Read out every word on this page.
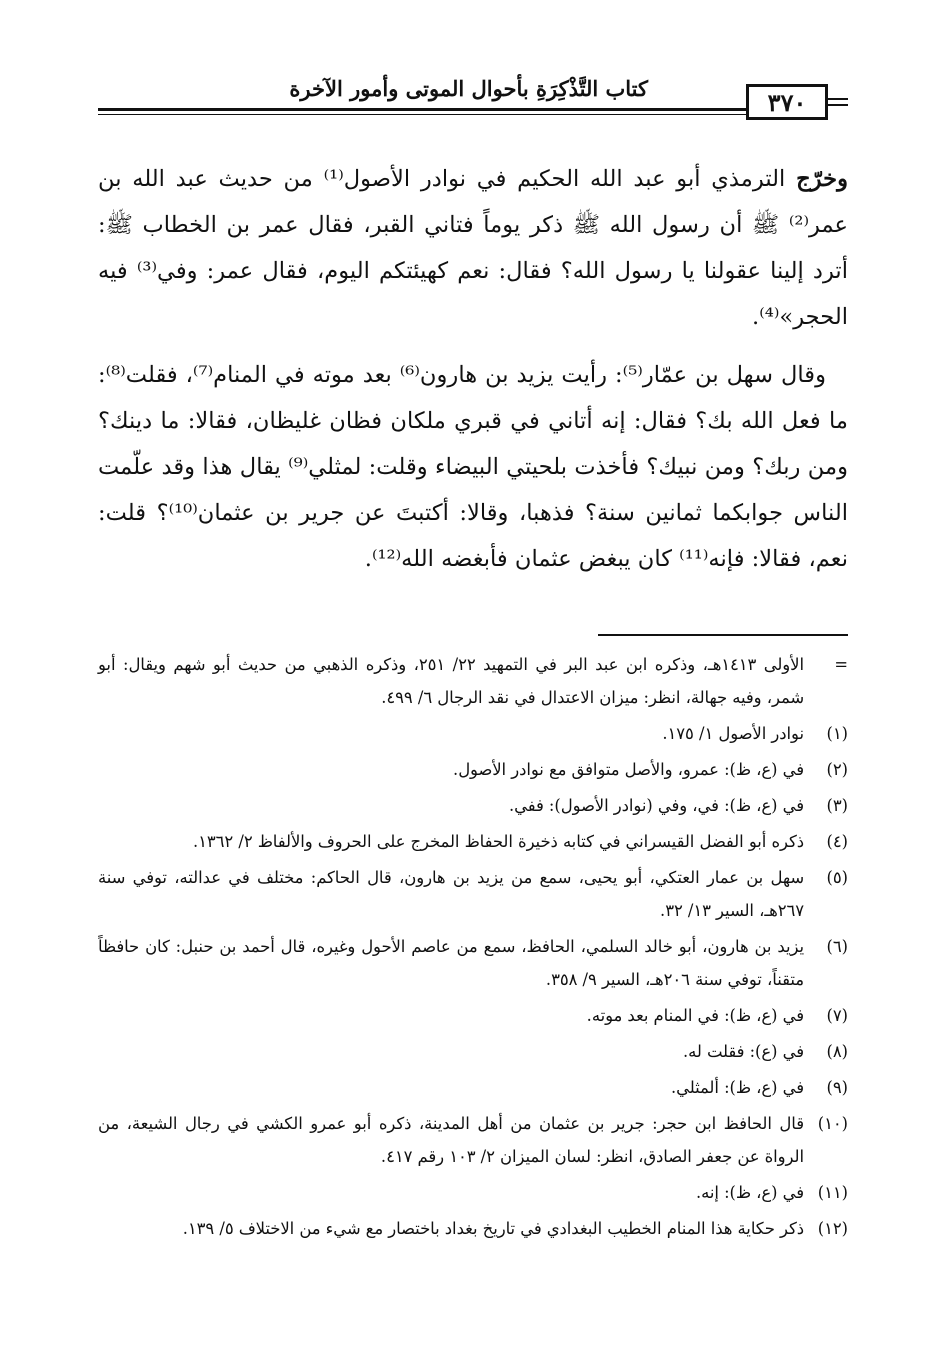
كتاب التَّذْكِرَةِ بأحوال الموتى وأمور الآخرة	٣٧٠

وخرّج الترمذي أبو عبد الله الحكيم في نوادر الأصول⁽¹⁾ من حديث عبد الله بن عمر⁽²⁾ ﷺ أن رسول الله ﷺ ذكر يوماً فتاني القبر، فقال عمر بن الخطاب ﷺ: أترد إلينا عقولنا يا رسول الله؟ فقال: نعم كهيئتكم اليوم، فقال عمر: وفي⁽³⁾ فيه الحجر»⁽⁴⁾.

وقال سهل بن عمّار⁽⁵⁾: رأيت يزيد بن هارون⁽⁶⁾ بعد موته في المنام⁽⁷⁾، فقلت⁽⁸⁾: ما فعل الله بك؟ فقال: إنه أتاني في قبري ملكان فظان غليظان، فقالا: ما دينك؟ ومن ربك؟ ومن نبيك؟ فأخذت بلحيتي البيضاء وقلت: لمثلي⁽⁹⁾ يقال هذا وقد علّمت الناس جوابكما ثمانين سنة؟ فذهبا، وقالا: أكتبتَ عن جرير بن عثمان⁽¹⁰⁾؟ قلت: نعم، فقالا: فإنه⁽¹¹⁾ كان يبغض عثمان فأبغضه الله⁽¹²⁾.

=
الأولى ١٤١٣هـ، وذكره ابن عبد البر في التمهيد ٢٢/ ٢٥١، وذكره الذهبي من حديث أبو شهم ويقال: أبو شمر، وفيه جهالة، انظر: ميزان الاعتدال في نقد الرجال ٦/ ٤٩٩.

(١)
نوادر الأصول ١/ ١٧٥.

(٢)
في (ع، ظ): عمرو، والأصل متوافق مع نوادر الأصول.

(٣)
في (ع، ظ): في، وفي (نوادر الأصول): ففي.

(٤)
ذكره أبو الفضل القيسراني في كتابه ذخيرة الحفاظ المخرج على الحروف والألفاظ ٢/ ١٣٦٢.

(٥)
سهل بن عمار العتكي، أبو يحيى، سمع من يزيد بن هارون، قال الحاكم: مختلف في عدالته، توفي سنة ٢٦٧هـ، السير ١٣/ ٣٢.

(٦)
يزيد بن هارون، أبو خالد السلمي، الحافظ، سمع من عاصم الأحول وغيره، قال أحمد بن حنبل: كان حافظاً متقناً، توفي سنة ٢٠٦هـ، السير ٩/ ٣٥٨.

(٧)
في (ع، ظ): في المنام بعد موته.

(٨)
في (ع): فقلت له.

(٩)
في (ع، ظ): ألمثلي.

(١٠)
قال الحافظ ابن حجر: جرير بن عثمان من أهل المدينة، ذكره أبو عمرو الكشي في رجال الشيعة، من الرواة عن جعفر الصادق، انظر: لسان الميزان ٢/ ١٠٣ رقم ٤١٧.

(١١)
في (ع، ظ): إنه.

(١٢)
ذكر حكاية هذا المنام الخطيب البغدادي في تاريخ بغداد باختصار مع شيء من الاختلاف ٥/ ١٣٩.
